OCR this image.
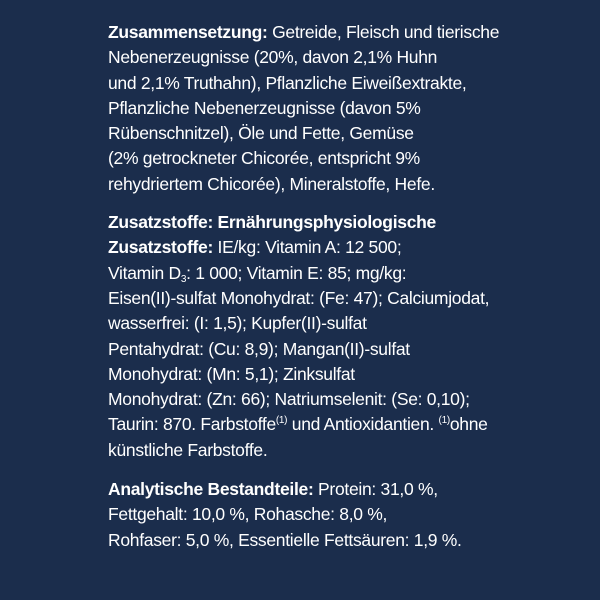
Zusammensetzung: Getreide, Fleisch und tierische
Nebenerzeugnisse (20%, davon 2,1% Huhn
und 2,1% Truthahn), Pflanzliche Eiweißextrakte,
Pflanzliche Nebenerzeugnisse (davon 5%
Rübenschnitzel), Öle und Fette, Gemüse
(2% getrockneter Chicorée, entspricht 9%
rehydriertem Chicorée), Mineralstoffe, Hefe.
Zusatzstoffe: Ernährungsphysiologische
Zusatzstoffe: IE/kg: Vitamin A: 12 500;
Vitamin $D_3$: 1 000; Vitamin E: 85; mg/kg:
Eisen(II)-sulfat Monohydrat: (Fe: 47); Calciumjodat,
wasserfrei: (I: 1,5); Kupfer(II)-sulfat
Pentahydrat: (Cu: 8,9); Mangan(II)-sulfat
Monohydrat: (Mn: 5,1); Zinksulfat
Monohydrat: (Zn: 66); Natriumselenit: (Se: 0,10);
Taurin: 870. Farbstoffe$^{(1)}$ und Antioxidantien. $^{(1)}$ohne
künstliche Farbstoffe.
Analytische Bestandteile: Protein: 31,0 %,
Fettgehalt: 10,0 %, Rohasche: 8,0 %,
Rohfaser: 5,0 %, Essentielle Fettsäuren: 1,9 %.
